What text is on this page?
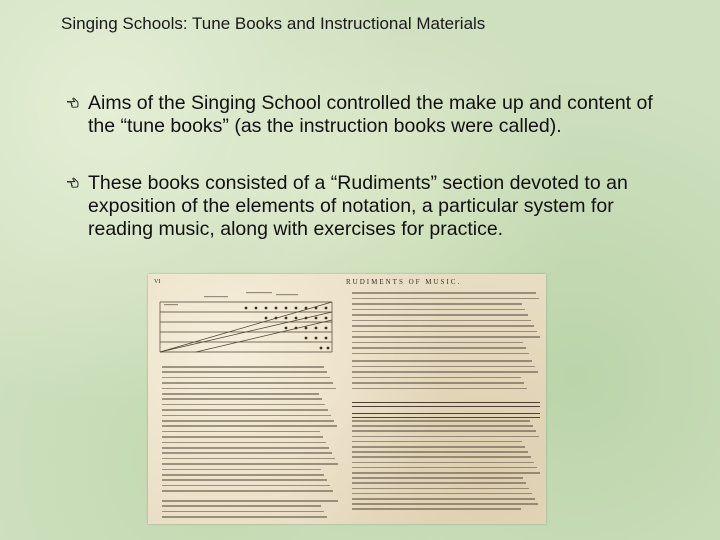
Singing Schools: Tune Books and Instructional Materials
Aims of the Singing School controlled the make up and content of the “tune books” (as the instruction books were called).
These books consisted of a “Rudiments” section devoted to an exposition of the elements of notation, a particular system for reading music, along with exercises for practice.
VI	RUDIMENTS OF MUSIC.
